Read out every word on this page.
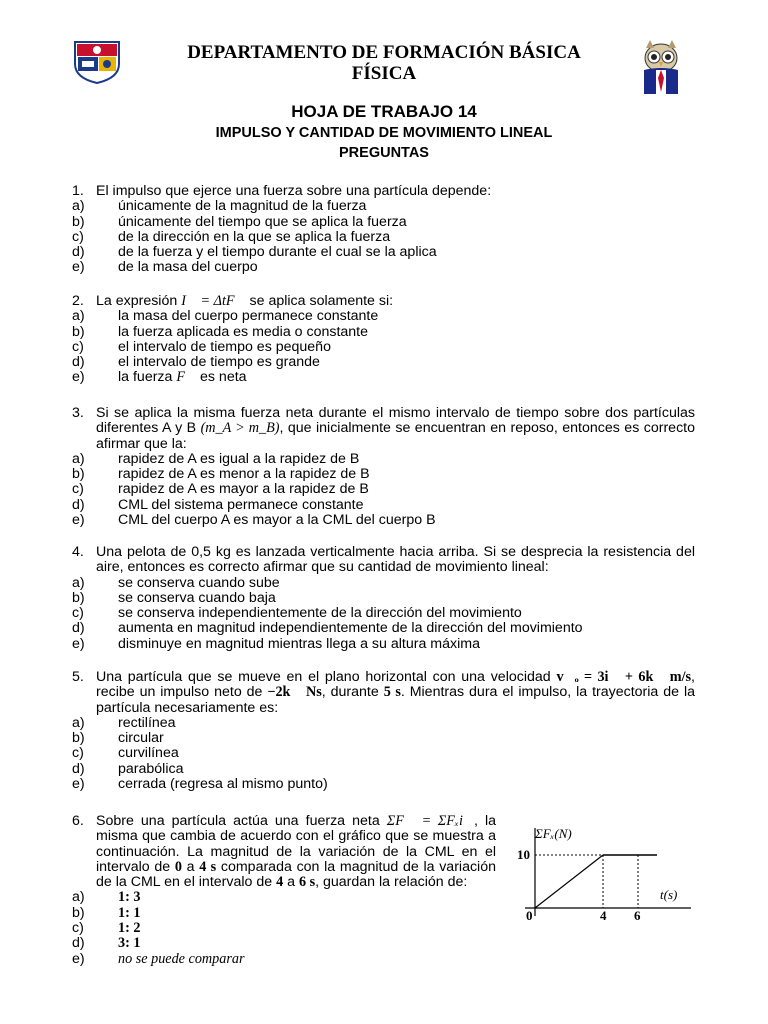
DEPARTAMENTO DE FORMACIÓN BÁSICA
FÍSICA
HOJA DE TRABAJO 14
IMPULSO Y CANTIDAD DE MOVIMIENTO LINEAL
PREGUNTAS
1. El impulso que ejerce una fuerza sobre una partícula depende:
a) únicamente de la magnitud de la fuerza
b) únicamente del tiempo que se aplica la fuerza
c) de la dirección en la que se aplica la fuerza
d) de la fuerza y el tiempo durante el cual se la aplica
e) de la masa del cuerpo
2. La expresión I⃗ = ΔtF⃗ se aplica solamente si:
a) la masa del cuerpo permanece constante
b) la fuerza aplicada es media o constante
c) el intervalo de tiempo es pequeño
d) el intervalo de tiempo es grande
e) la fuerza F⃗ es neta
3. Si se aplica la misma fuerza neta durante el mismo intervalo de tiempo sobre dos partículas diferentes A y B (m_A > m_B), que inicialmente se encuentran en reposo, entonces es correcto afirmar que la:
a) rapidez de A es igual a la rapidez de B
b) rapidez de A es menor a la rapidez de B
c) rapidez de A es mayor a la rapidez de B
d) CML del sistema permanece constante
e) CML del cuerpo A es mayor a la CML del cuerpo B
4. Una pelota de 0,5 kg es lanzada verticalmente hacia arriba. Si se desprecia la resistencia del aire, entonces es correcto afirmar que su cantidad de movimiento lineal:
a) se conserva cuando sube
b) se conserva cuando baja
c) se conserva independientemente de la dirección del movimiento
d) aumenta en magnitud independientemente de la dirección del movimiento
e) disminuye en magnitud mientras llega a su altura máxima
5. Una partícula que se mueve en el plano horizontal con una velocidad v⃗ₒ = 3i⃗ + 6k⃗ m/s, recibe un impulso neto de −2k⃗ Ns, durante 5 s. Mientras dura el impulso, la trayectoria de la partícula necesariamente es:
a) rectilínea
b) circular
c) curvilínea
d) parabólica
e) cerrada (regresa al mismo punto)
6. Sobre una partícula actúa una fuerza neta ΣF⃗ = ΣFₓi⃗, la misma que cambia de acuerdo con el gráfico que se muestra a continuación. La magnitud de la variación de la CML en el intervalo de 0 a 4 s comparada con la magnitud de la variación de la CML en el intervalo de 4 a 6 s, guardan la relación de:
a) 1: 3
b) 1: 1
c) 1: 2
d) 3: 1
e) no se puede comparar
ΣFₓ(N)
10
t(s)
0	4 6
